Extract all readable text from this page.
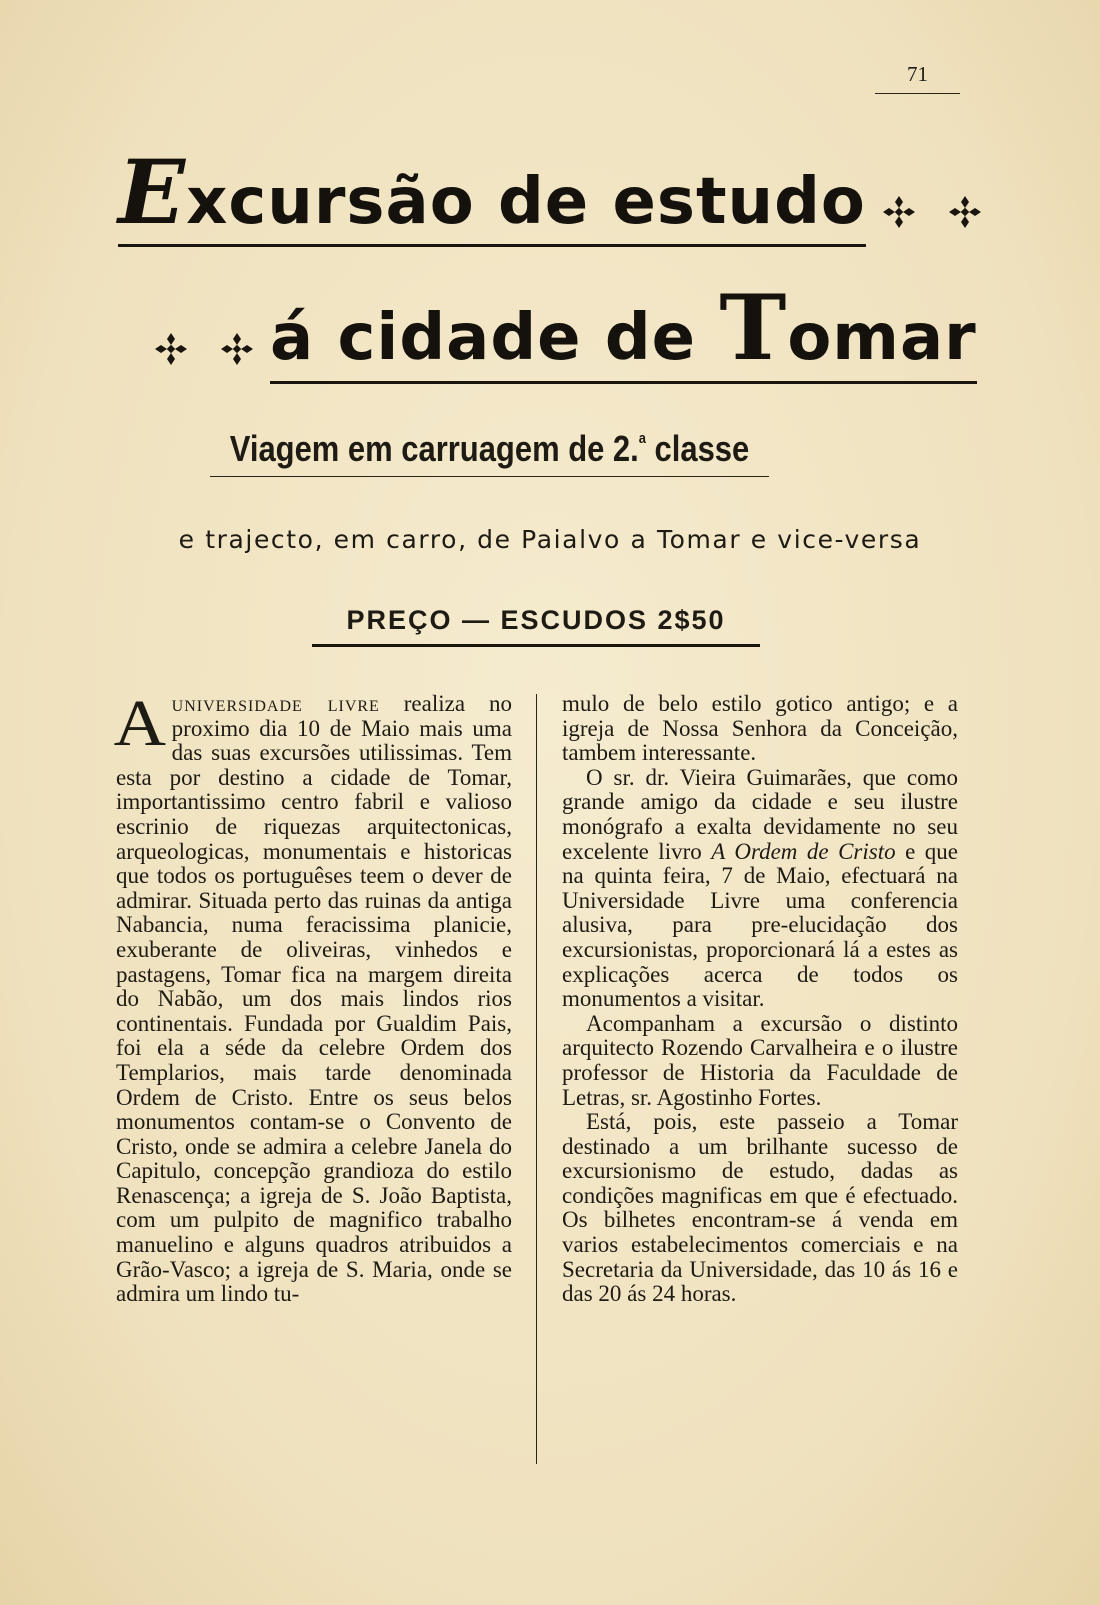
71
Excursão de estudo
á cidade de Tomar
Viagem em carruagem de 2.$^a$ classe
e trajecto, em carro, de Paialvo a Tomar e vice-versa
PREÇO — ESCUDOS 2$50

Auniversidade livre realiza no proximo dia 10 de Maio mais uma das suas excursões utilissimas. Tem esta por destino a cidade de Tomar, importantissimo centro fabril e valioso escrinio de riquezas arquitectonicas, arqueologicas, monumentais e historicas que todos os portuguêses teem o dever de admirar. Situada perto das ruinas da antiga Nabancia, numa feracissima planicie, exuberante de oliveiras, vinhedos e pastagens, Tomar fica na margem direita do Nabão, um dos mais lindos rios continentais. Fundada por Gualdim Pais, foi ela a séde da celebre Ordem dos Templarios, mais tarde denominada Ordem de Cristo. Entre os seus belos monumentos contam-se o Convento de Cristo, onde se admira a celebre Janela do Capitulo, concepção grandioza do estilo Renascença; a igreja de S. João Baptista, com um pulpito de magnifico trabalho manuelino e alguns quadros atribuidos a Grão-Vasco; a igreja de S. Maria, onde se admira um lindo tu-

mulo de belo estilo gotico antigo; e a igreja de Nossa Senhora da Conceição, tambem interessante.

O sr. dr. Vieira Guimarães, que como grande amigo da cidade e seu ilustre monógrafo a exalta devidamente no seu excelente livro A Ordem de Cristo e que na quinta feira, 7 de Maio, efectuará na Universidade Livre uma conferencia alusiva, para pre-elucidação dos excursionistas, proporcionará lá a estes as explicações acerca de todos os monumentos a visitar.

Acompanham a excursão o distinto arquitecto Rozendo Carvalheira e o ilustre professor de Historia da Faculdade de Letras, sr. Agostinho Fortes.

Está, pois, este passeio a Tomar destinado a um brilhante sucesso de excursionismo de estudo, dadas as condições magnificas em que é efectuado. Os bilhetes encontram-se á venda em varios estabelecimentos comerciais e na Secretaria da Universidade, das 10 ás 16 e das 20 ás 24 horas.
